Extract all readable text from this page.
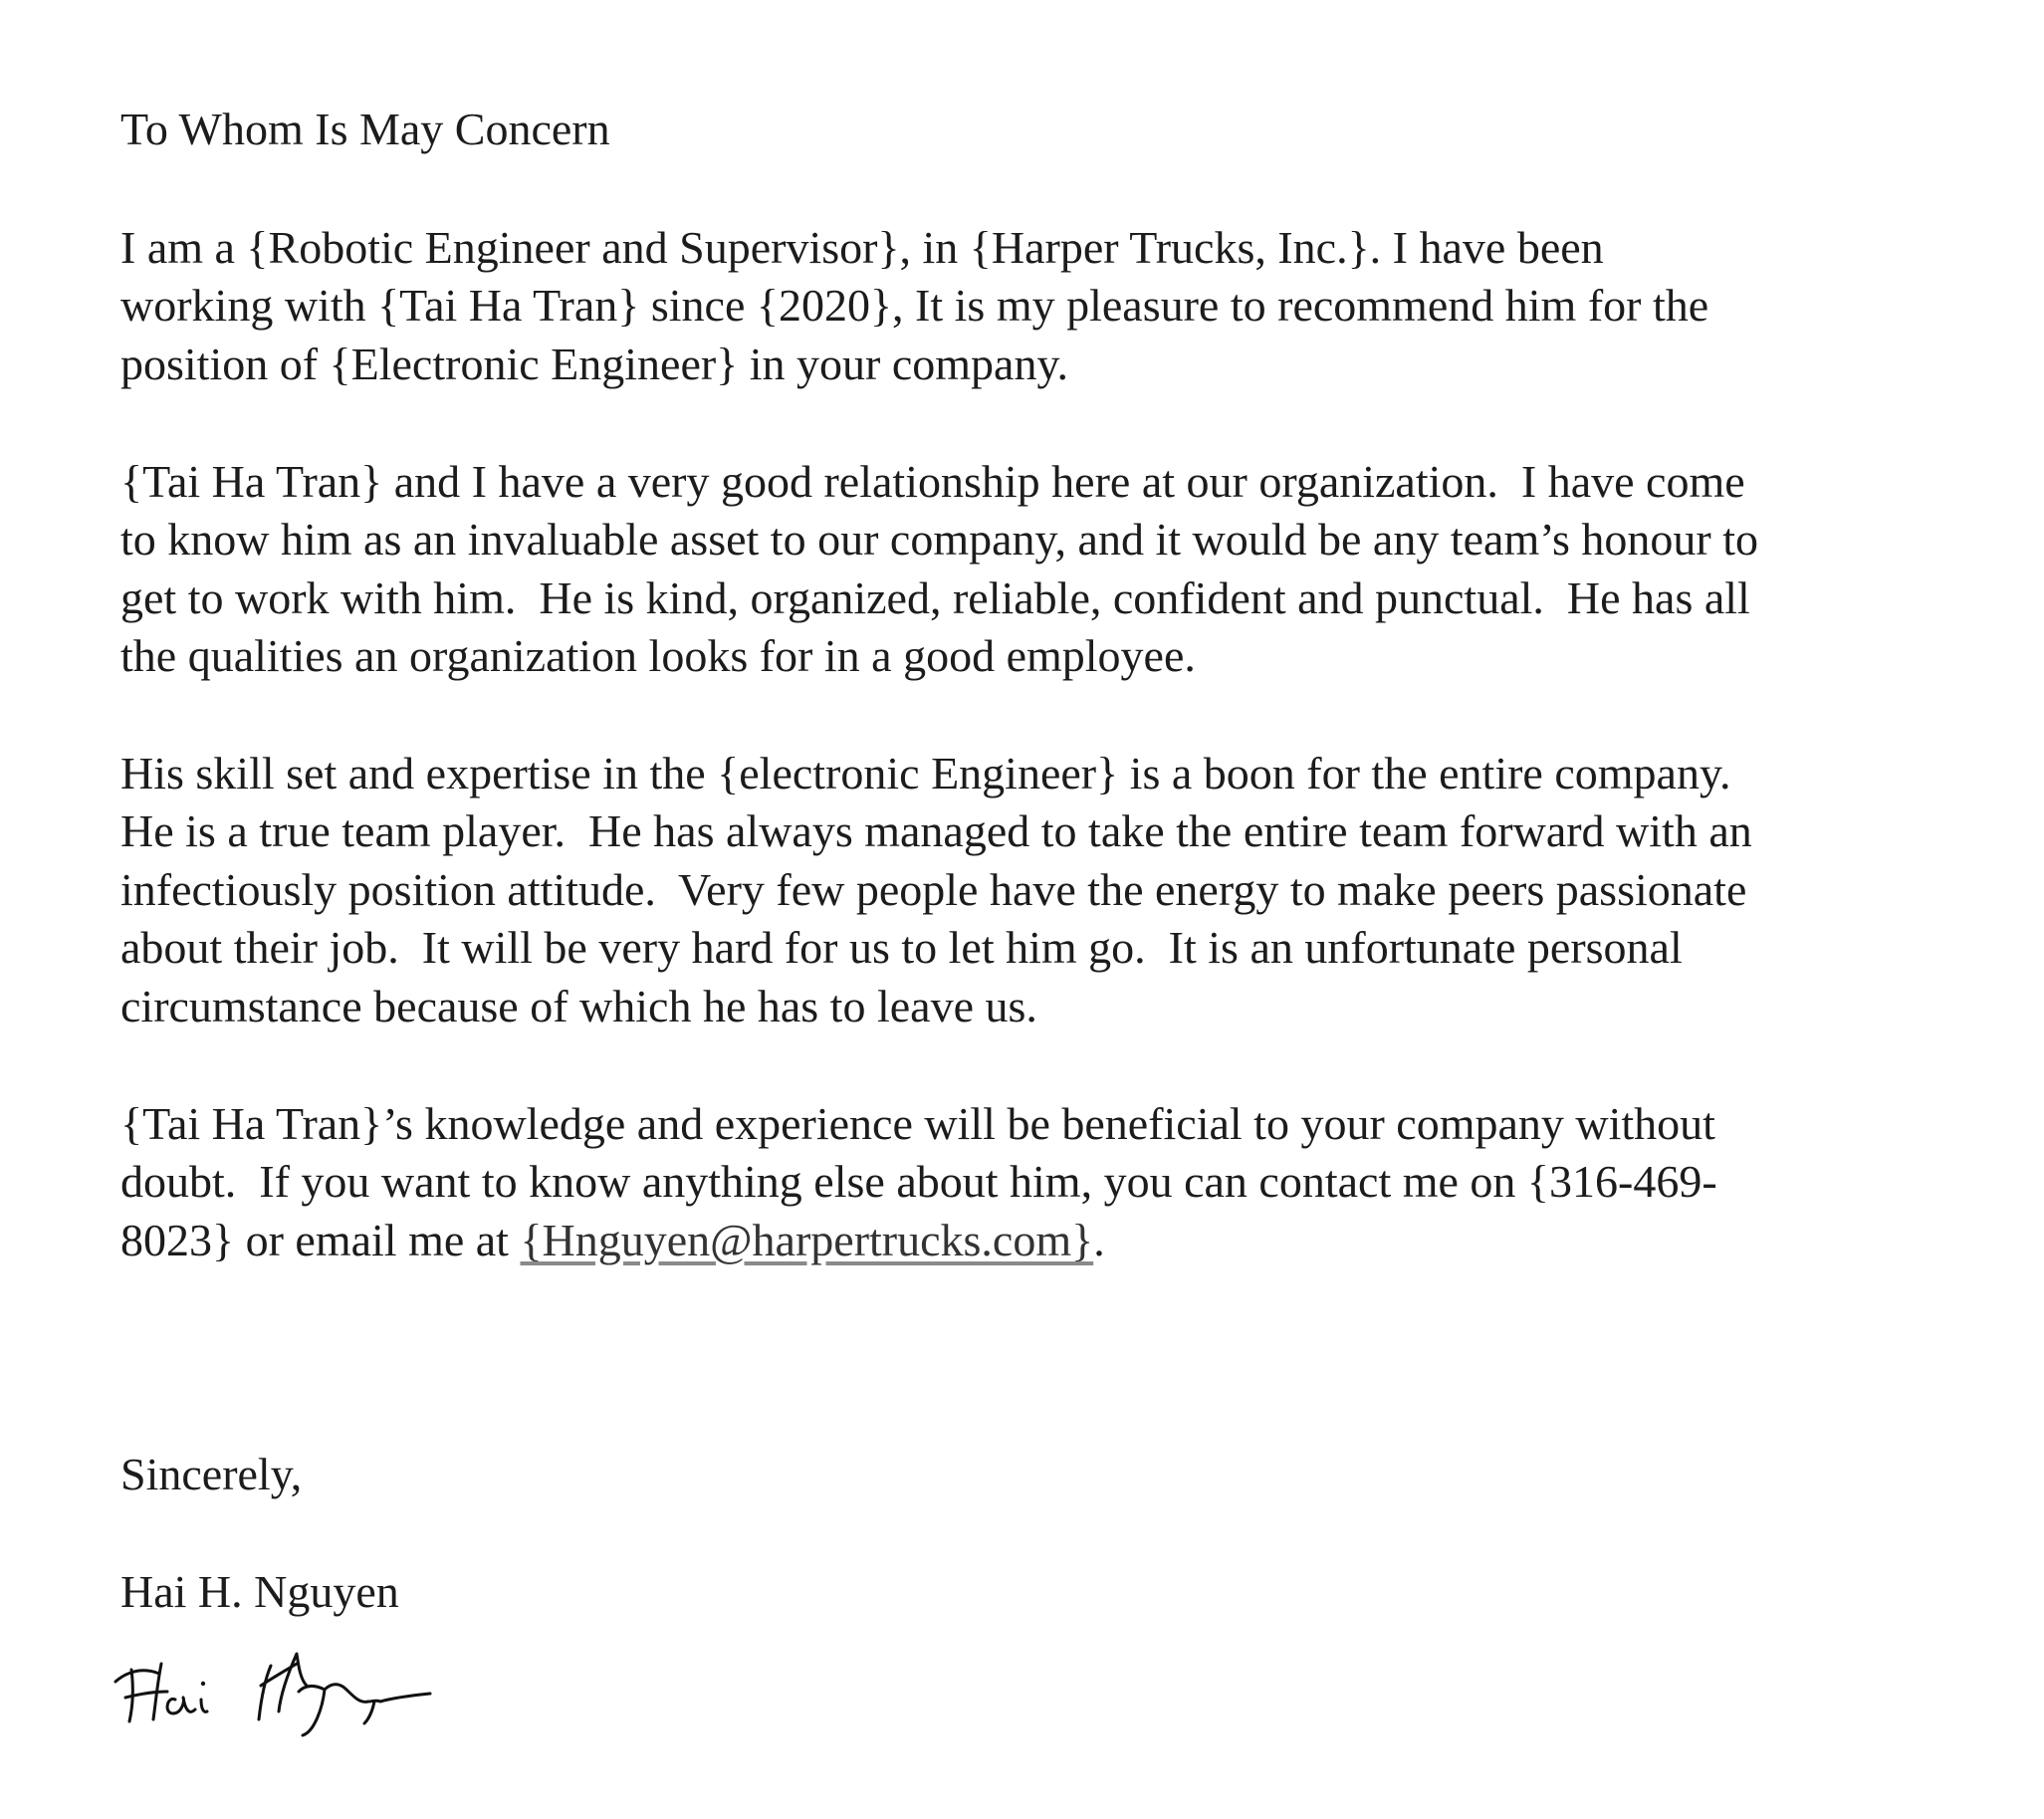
To Whom Is May Concern
I am a {Robotic Engineer and Supervisor}, in {Harper Trucks, Inc.}. I have been
working with {Tai Ha Tran} since {2020}, It is my pleasure to recommend him for the
position of {Electronic Engineer} in your company.
{Tai Ha Tran} and I have a very good relationship here at our organization.  I have come
to know him as an invaluable asset to our company, and it would be any team’s honour to
get to work with him.  He is kind, organized, reliable, confident and punctual.  He has all
the qualities an organization looks for in a good employee.
His skill set and expertise in the {electronic Engineer} is a boon for the entire company.
He is a true team player.  He has always managed to take the entire team forward with an
infectiously position attitude.  Very few people have the energy to make peers passionate
about their job.  It will be very hard for us to let him go.  It is an unfortunate personal
circumstance because of which he has to leave us.
{Tai Ha Tran}’s knowledge and experience will be beneficial to your company without
doubt.  If you want to know anything else about him, you can contact me on {316-469-
8023} or email me at {Hnguyen@harpertrucks.com}.
Sincerely,
Hai H. Nguyen
